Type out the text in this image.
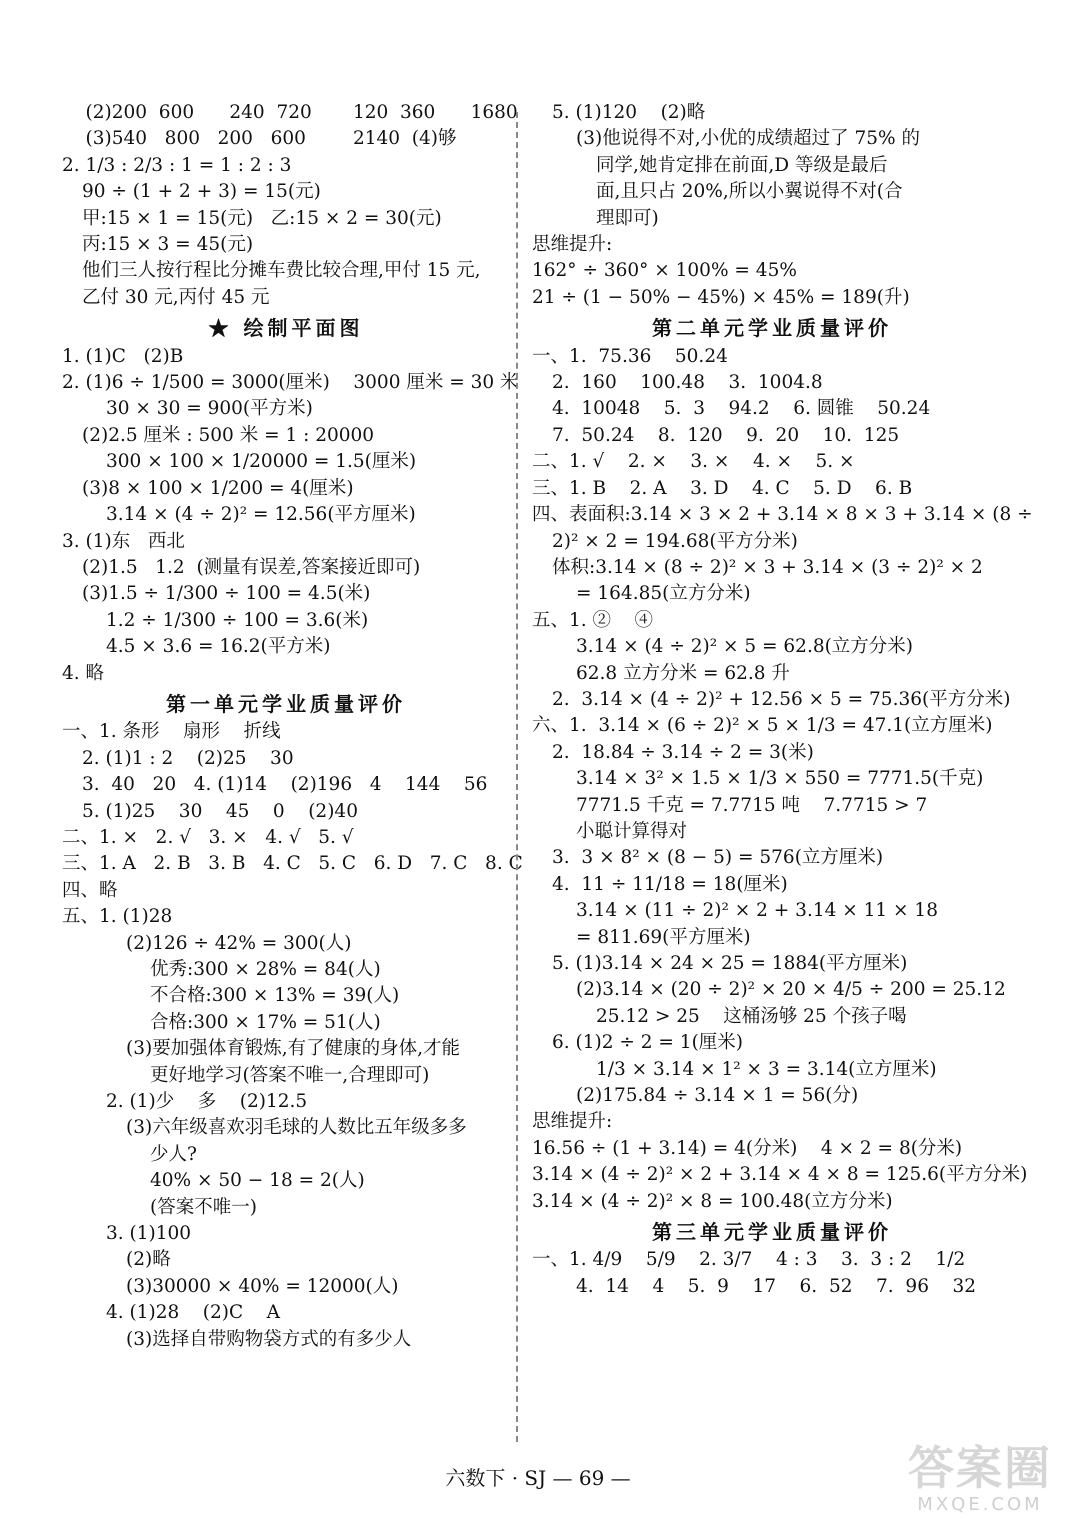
(2)200  600      240  720       120  360      1680
(3)540   800   200   600        2140  (4)够
2. 1/3 : 2/3 : 1 = 1 : 2 : 3
90 ÷ (1 + 2 + 3) = 15(元)
甲:15 × 1 = 15(元)   乙:15 × 2 = 30(元)
丙:15 × 3 = 45(元)
他们三人按行程比分摊车费比较合理,甲付 15 元,
乙付 30 元,丙付 45 元
★ 绘制平面图
1. (1)C   (2)B
2. (1)6 ÷ 1/500 = 3000(厘米)    3000 厘米 = 30 米
30 × 30 = 900(平方米)
(2)2.5 厘米 : 500 米 = 1 : 20000
300 × 100 × 1/20000 = 1.5(厘米)
(3)8 × 100 × 1/200 = 4(厘米)
3.14 × (4 ÷ 2)² = 12.56(平方厘米)
3. (1)东   西北
(2)1.5   1.2  (测量有误差,答案接近即可)
(3)1.5 ÷ 1/300 ÷ 100 = 4.5(米)
1.2 ÷ 1/300 ÷ 100 = 3.6(米)
4.5 × 3.6 = 16.2(平方米)
4. 略
第一单元学业质量评价
一、1. 条形    扇形    折线
2. (1)1 : 2    (2)25    30
3.  40   20   4. (1)14    (2)196   4    144    56
5. (1)25    30    45    0    (2)40
二、1. ×   2. √   3. ×   4. √   5. √
三、1. A   2. B   3. B   4. C   5. C   6. D   7. C   8. C
四、略
五、1. (1)28
(2)126 ÷ 42% = 300(人)
优秀:300 × 28% = 84(人)
不合格:300 × 13% = 39(人)
合格:300 × 17% = 51(人)
(3)要加强体育锻炼,有了健康的身体,才能
更好地学习(答案不唯一,合理即可)
2. (1)少    多    (2)12.5
(3)六年级喜欢羽毛球的人数比五年级多多
少人?
40% × 50 − 18 = 2(人)
(答案不唯一)
3. (1)100
(2)略
(3)30000 × 40% = 12000(人)
4. (1)28    (2)C    A
(3)选择自带购物袋方式的有多少人
5. (1)120    (2)略
(3)他说得不对,小优的成绩超过了 75% 的
同学,她肯定排在前面,D 等级是最后
面,且只占 20%,所以小翼说得不对(合
理即可)
思维提升:
162° ÷ 360° × 100% = 45%
21 ÷ (1 − 50% − 45%) × 45% = 189(升)
第二单元学业质量评价
一、1.  75.36    50.24
2.  160    100.48    3.  1004.8
4.  10048    5.  3    94.2    6. 圆锥    50.24
7.  50.24    8.  120    9.  20    10.  125
二、1. √    2. ×    3. ×    4. ×    5. ×
三、1. B    2. A    3. D    4. C    5. D    6. B
四、表面积:3.14 × 3 × 2 + 3.14 × 8 × 3 + 3.14 × (8 ÷
2)² × 2 = 194.68(平方分米)
体积:3.14 × (8 ÷ 2)² × 3 + 3.14 × (3 ÷ 2)² × 2
= 164.85(立方分米)
五、1. ②    ④
3.14 × (4 ÷ 2)² × 5 = 62.8(立方分米)
62.8 立方分米 = 62.8 升
2.  3.14 × (4 ÷ 2)² + 12.56 × 5 = 75.36(平方分米)
六、1.  3.14 × (6 ÷ 2)² × 5 × 1/3 = 47.1(立方厘米)
2.  18.84 ÷ 3.14 ÷ 2 = 3(米)
3.14 × 3² × 1.5 × 1/3 × 550 = 7771.5(千克)
7771.5 千克 = 7.7715 吨    7.7715 > 7
小聪计算得对
3.  3 × 8² × (8 − 5) = 576(立方厘米)
4.  11 ÷ 11/18 = 18(厘米)
3.14 × (11 ÷ 2)² × 2 + 3.14 × 11 × 18
= 811.69(平方厘米)
5. (1)3.14 × 24 × 25 = 1884(平方厘米)
(2)3.14 × (20 ÷ 2)² × 20 × 4/5 ÷ 200 = 25.12
25.12 > 25    这桶汤够 25 个孩子喝
6. (1)2 ÷ 2 = 1(厘米)
1/3 × 3.14 × 1² × 3 = 3.14(立方厘米)
(2)175.84 ÷ 3.14 × 1 = 56(分)
思维提升:
16.56 ÷ (1 + 3.14) = 4(分米)    4 × 2 = 8(分米)
3.14 × (4 ÷ 2)² × 2 + 3.14 × 4 × 8 = 125.6(平方分米)
3.14 × (4 ÷ 2)² × 8 = 100.48(立方分米)
第三单元学业质量评价
一、1. 4/9    5/9    2. 3/7    4 : 3    3.  3 : 2    1/2
4.  14    4    5.  9    17    6.  52    7.  96    32
六数下 · SJ — 69 —	答案圈
MXQE.COM
